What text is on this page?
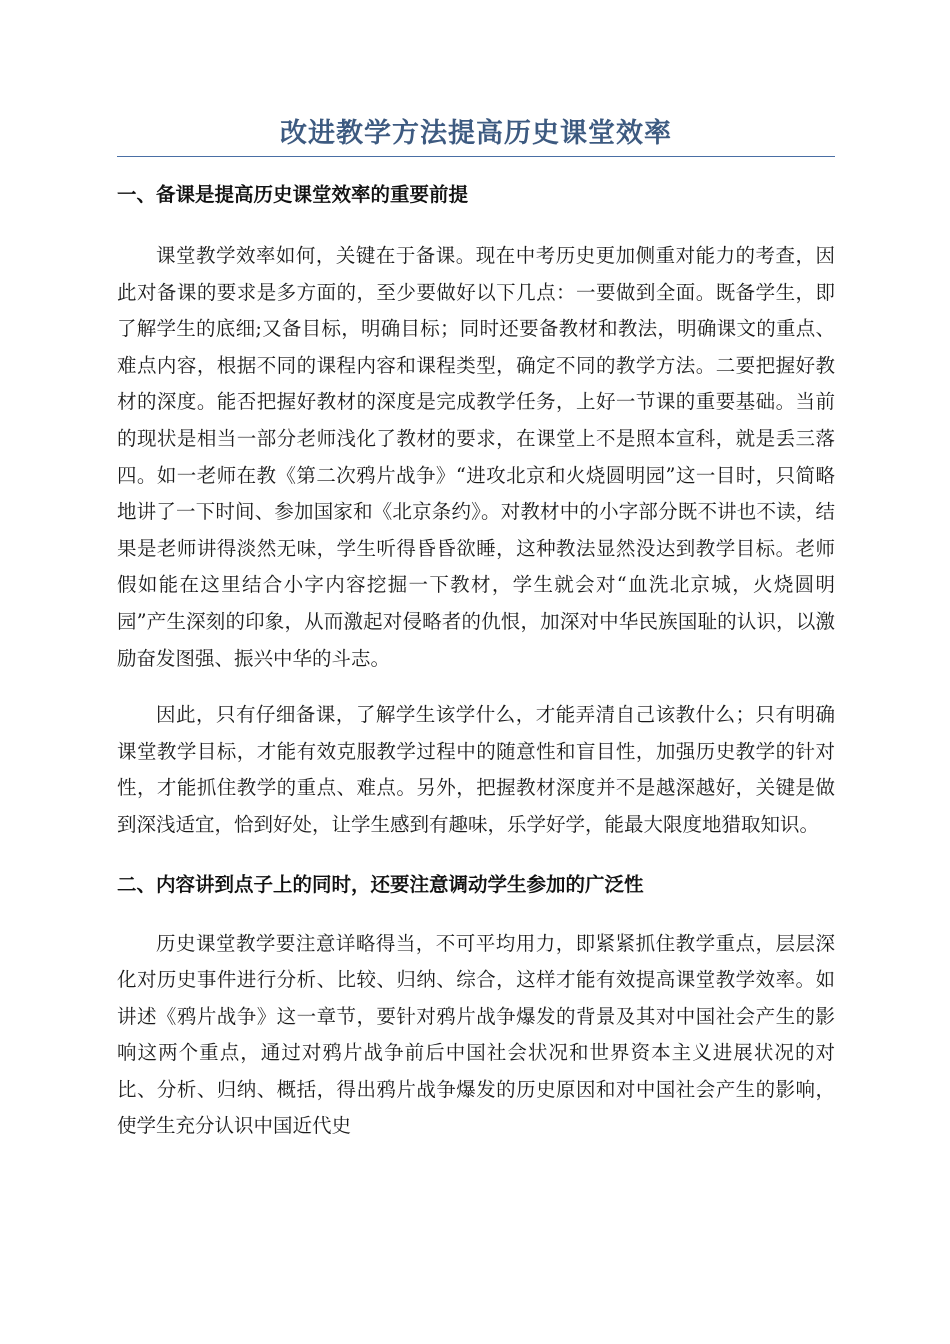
改进教学方法提高历史课堂效率
一、备课是提高历史课堂效率的重要前提

课堂教学效率如何，关键在于备课。现在中考历史更加侧重对能力的考查，因此对备课的要求是多方面的，至少要做好以下几点：一要做到全面。既备学生，即了解学生的底细;又备目标，明确目标；同时还要备教材和教法，明确课文的重点、难点内容，根据不同的课程内容和课程类型，确定不同的教学方法。二要把握好教材的深度。能否把握好教材的深度是完成教学任务，上好一节课的重要基础。当前的现状是相当一部分老师浅化了教材的要求，在课堂上不是照本宣科，就是丢三落四。如一老师在教《第二次鸦片战争》“进攻北京和火烧圆明园”这一目时，只简略地讲了一下时间、参加国家和《北京条约》。对教材中的小字部分既不讲也不读，结果是老师讲得淡然无味，学生听得昏昏欲睡，这种教法显然没达到教学目标。老师假如能在这里结合小字内容挖掘一下教材，学生就会对“血洗北京城，火烧圆明园”产生深刻的印象，从而激起对侵略者的仇恨，加深对中华民族国耻的认识，以激励奋发图强、振兴中华的斗志。

因此，只有仔细备课，了解学生该学什么，才能弄清自己该教什么；只有明确课堂教学目标，才能有效克服教学过程中的随意性和盲目性，加强历史教学的针对性，才能抓住教学的重点、难点。另外，把握教材深度并不是越深越好，关键是做到深浅适宜，恰到好处，让学生感到有趣味，乐学好学，能最大限度地猎取知识。

二、内容讲到点子上的同时，还要注意调动学生参加的广泛性

历史课堂教学要注意详略得当，不可平均用力，即紧紧抓住教学重点，层层深化对历史事件进行分析、比较、归纳、综合，这样才能有效提高课堂教学效率。如讲述《鸦片战争》这一章节，要针对鸦片战争爆发的背景及其对中国社会产生的影响这两个重点，通过对鸦片战争前后中国社会状况和世界资本主义进展状况的对比、分析、归纳、概括，得出鸦片战争爆发的历史原因和对中国社会产生的影响，使学生充分认识中国近代史
